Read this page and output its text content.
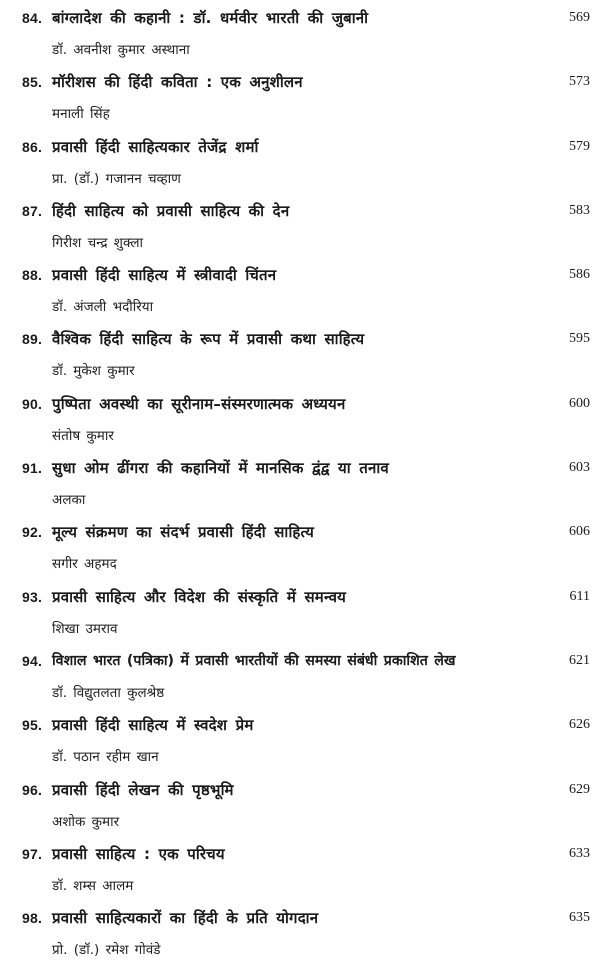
84. बांग्लादेश की कहानी : डॉ. धर्मवीर भारती की जुबानी	569
डॉ. अवनीश कुमार अस्थाना
85. मॉरीशस की हिंदी कविता : एक अनुशीलन	573
मनाली सिंह
86. प्रवासी हिंदी साहित्यकार तेजेंद्र शर्मा	579
प्रा. (डॉ.) गजानन चव्हाण
87. हिंदी साहित्य को प्रवासी साहित्य की देन	583
गिरीश चन्द्र शुक्ला
88. प्रवासी हिंदी साहित्य में स्त्रीवादी चिंतन	586
डॉ. अंजली भदौरिया
89. वैश्विक हिंदी साहित्य के रूप में प्रवासी कथा साहित्य	595
डॉ. मुकेश कुमार
90. पुष्पिता अवस्थी का सूरीनाम–संस्मरणात्मक अध्ययन	600
संतोष कुमार
91. सुधा ओम ढींगरा की कहानियों में मानसिक द्वंद्व या तनाव	603
अलका
92. मूल्य संक्रमण का संदर्भ प्रवासी हिंदी साहित्य	606
सगीर अहमद
93. प्रवासी साहित्य और विदेश की संस्कृति में समन्वय	611
शिखा उमराव
94. विशाल भारत (पत्रिका) में प्रवासी भारतीयों की समस्या संबंधी प्रकाशित लेख	621
डॉ. विद्युतलता कुलश्रेष्ठ
95. प्रवासी हिंदी साहित्य में स्वदेश प्रेम	626
डॉ. पठान रहीम खान
96. प्रवासी हिंदी लेखन की पृष्ठभूमि	629
अशोक कुमार
97. प्रवासी साहित्य : एक परिचय	633
डॉ. शम्स आलम
98. प्रवासी साहित्यकारों का हिंदी के प्रति योगदान	635
प्रो. (डॉ.) रमेश गोवंडे
